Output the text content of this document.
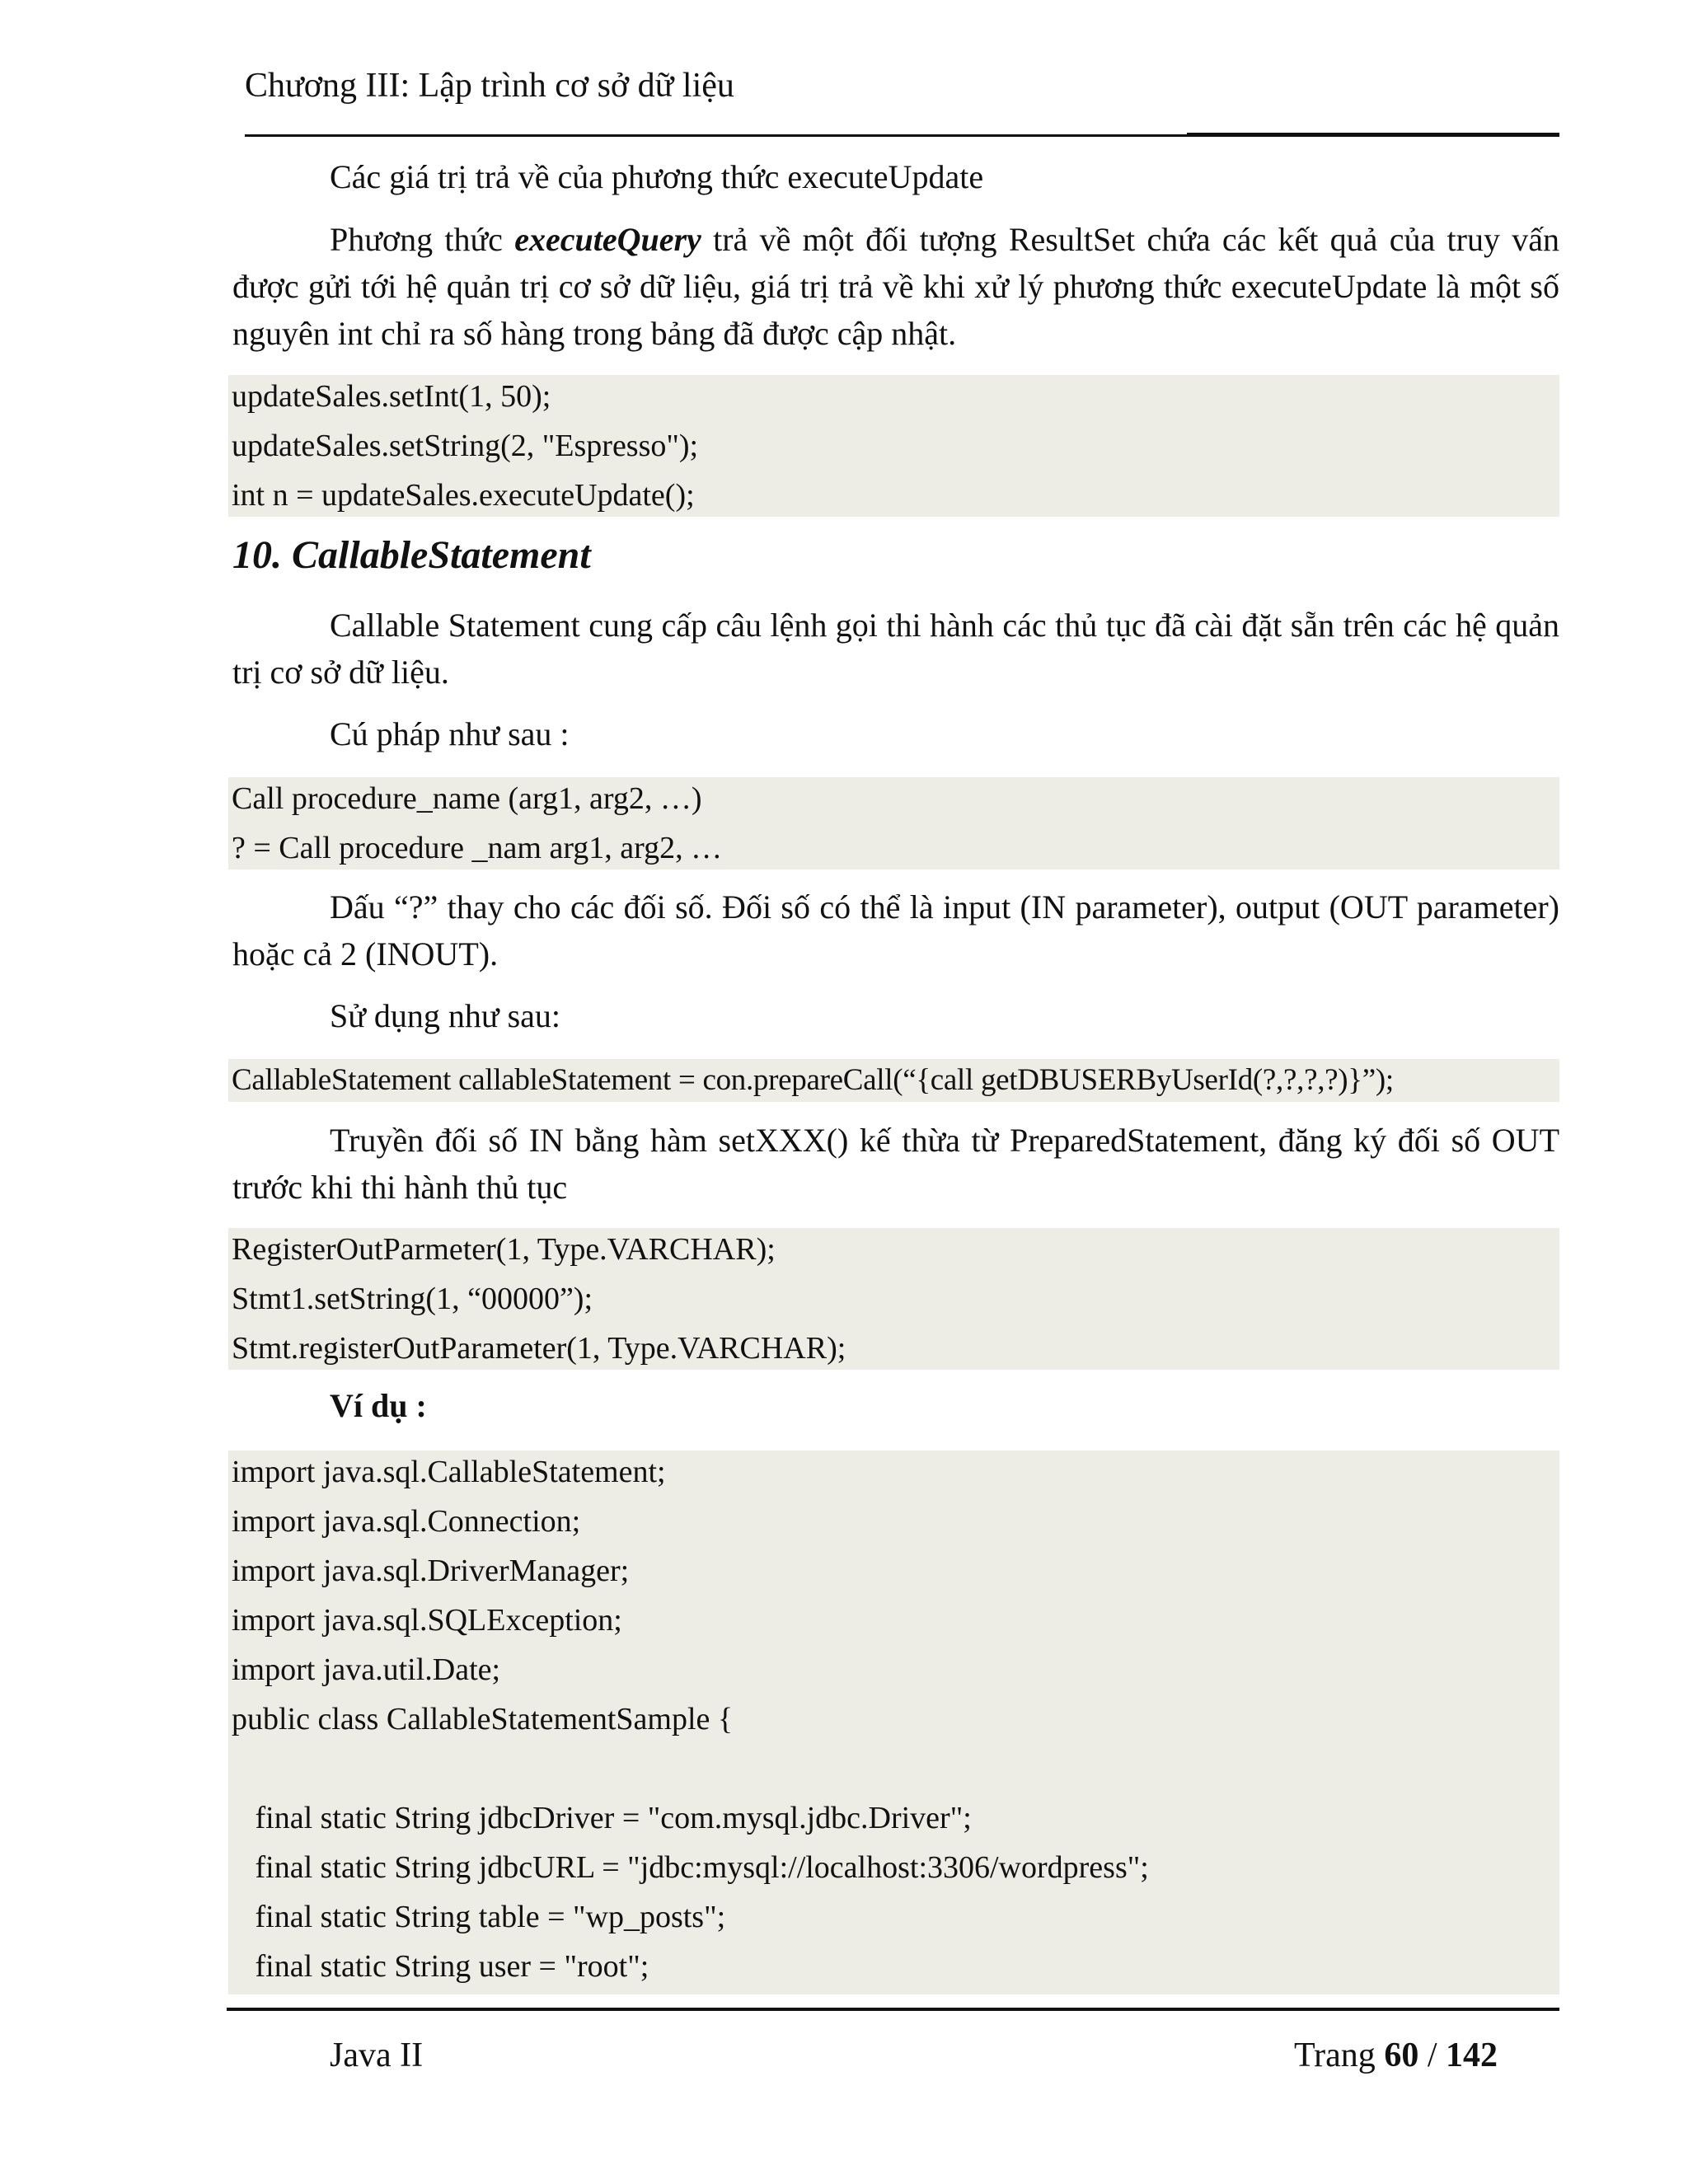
Chương III: Lập trình cơ sở dữ liệu
Các giá trị trả về của phương thức executeUpdate
Phương thức executeQuery trả về một đối tượng ResultSet chứa các kết quả của truy vấn được gửi tới hệ quản trị cơ sở dữ liệu, giá trị trả về khi xử lý phương thức executeUpdate là một số nguyên int chỉ ra số hàng trong bảng đã được cập nhật.
updateSales.setInt(1, 50);
updateSales.setString(2, "Espresso");
int n = updateSales.executeUpdate();
10. CallableStatement
Callable Statement cung cấp câu lệnh gọi thi hành các thủ tục đã cài đặt sẵn trên các hệ quản trị cơ sở dữ liệu.
Cú pháp như sau :
Call procedure_name (arg1, arg2, …)
? = Call procedure _nam arg1, arg2, …
Dấu “?” thay cho các đối số. Đối số có thể là input (IN parameter), output (OUT parameter) hoặc cả 2 (INOUT).
Sử dụng như sau:
CallableStatement callableStatement = con.prepareCall(“{call getDBUSERByUserId(?,?,?,?)}”);
Truyền đối số IN bằng hàm setXXX() kế thừa từ PreparedStatement, đăng ký đối số OUT trước khi thi hành thủ tục
RegisterOutParmeter(1, Type.VARCHAR);
Stmt1.setString(1, “00000”);
Stmt.registerOutParameter(1, Type.VARCHAR);
Ví dụ :
import java.sql.CallableStatement;
import java.sql.Connection;
import java.sql.DriverManager;
import java.sql.SQLException;
import java.util.Date;
public class CallableStatementSample {
final static String jdbcDriver = "com.mysql.jdbc.Driver";
final static String jdbcURL = "jdbc:mysql://localhost:3306/wordpress";
final static String table = "wp_posts";
final static String user = "root";
Java II	Trang 60 / 142
